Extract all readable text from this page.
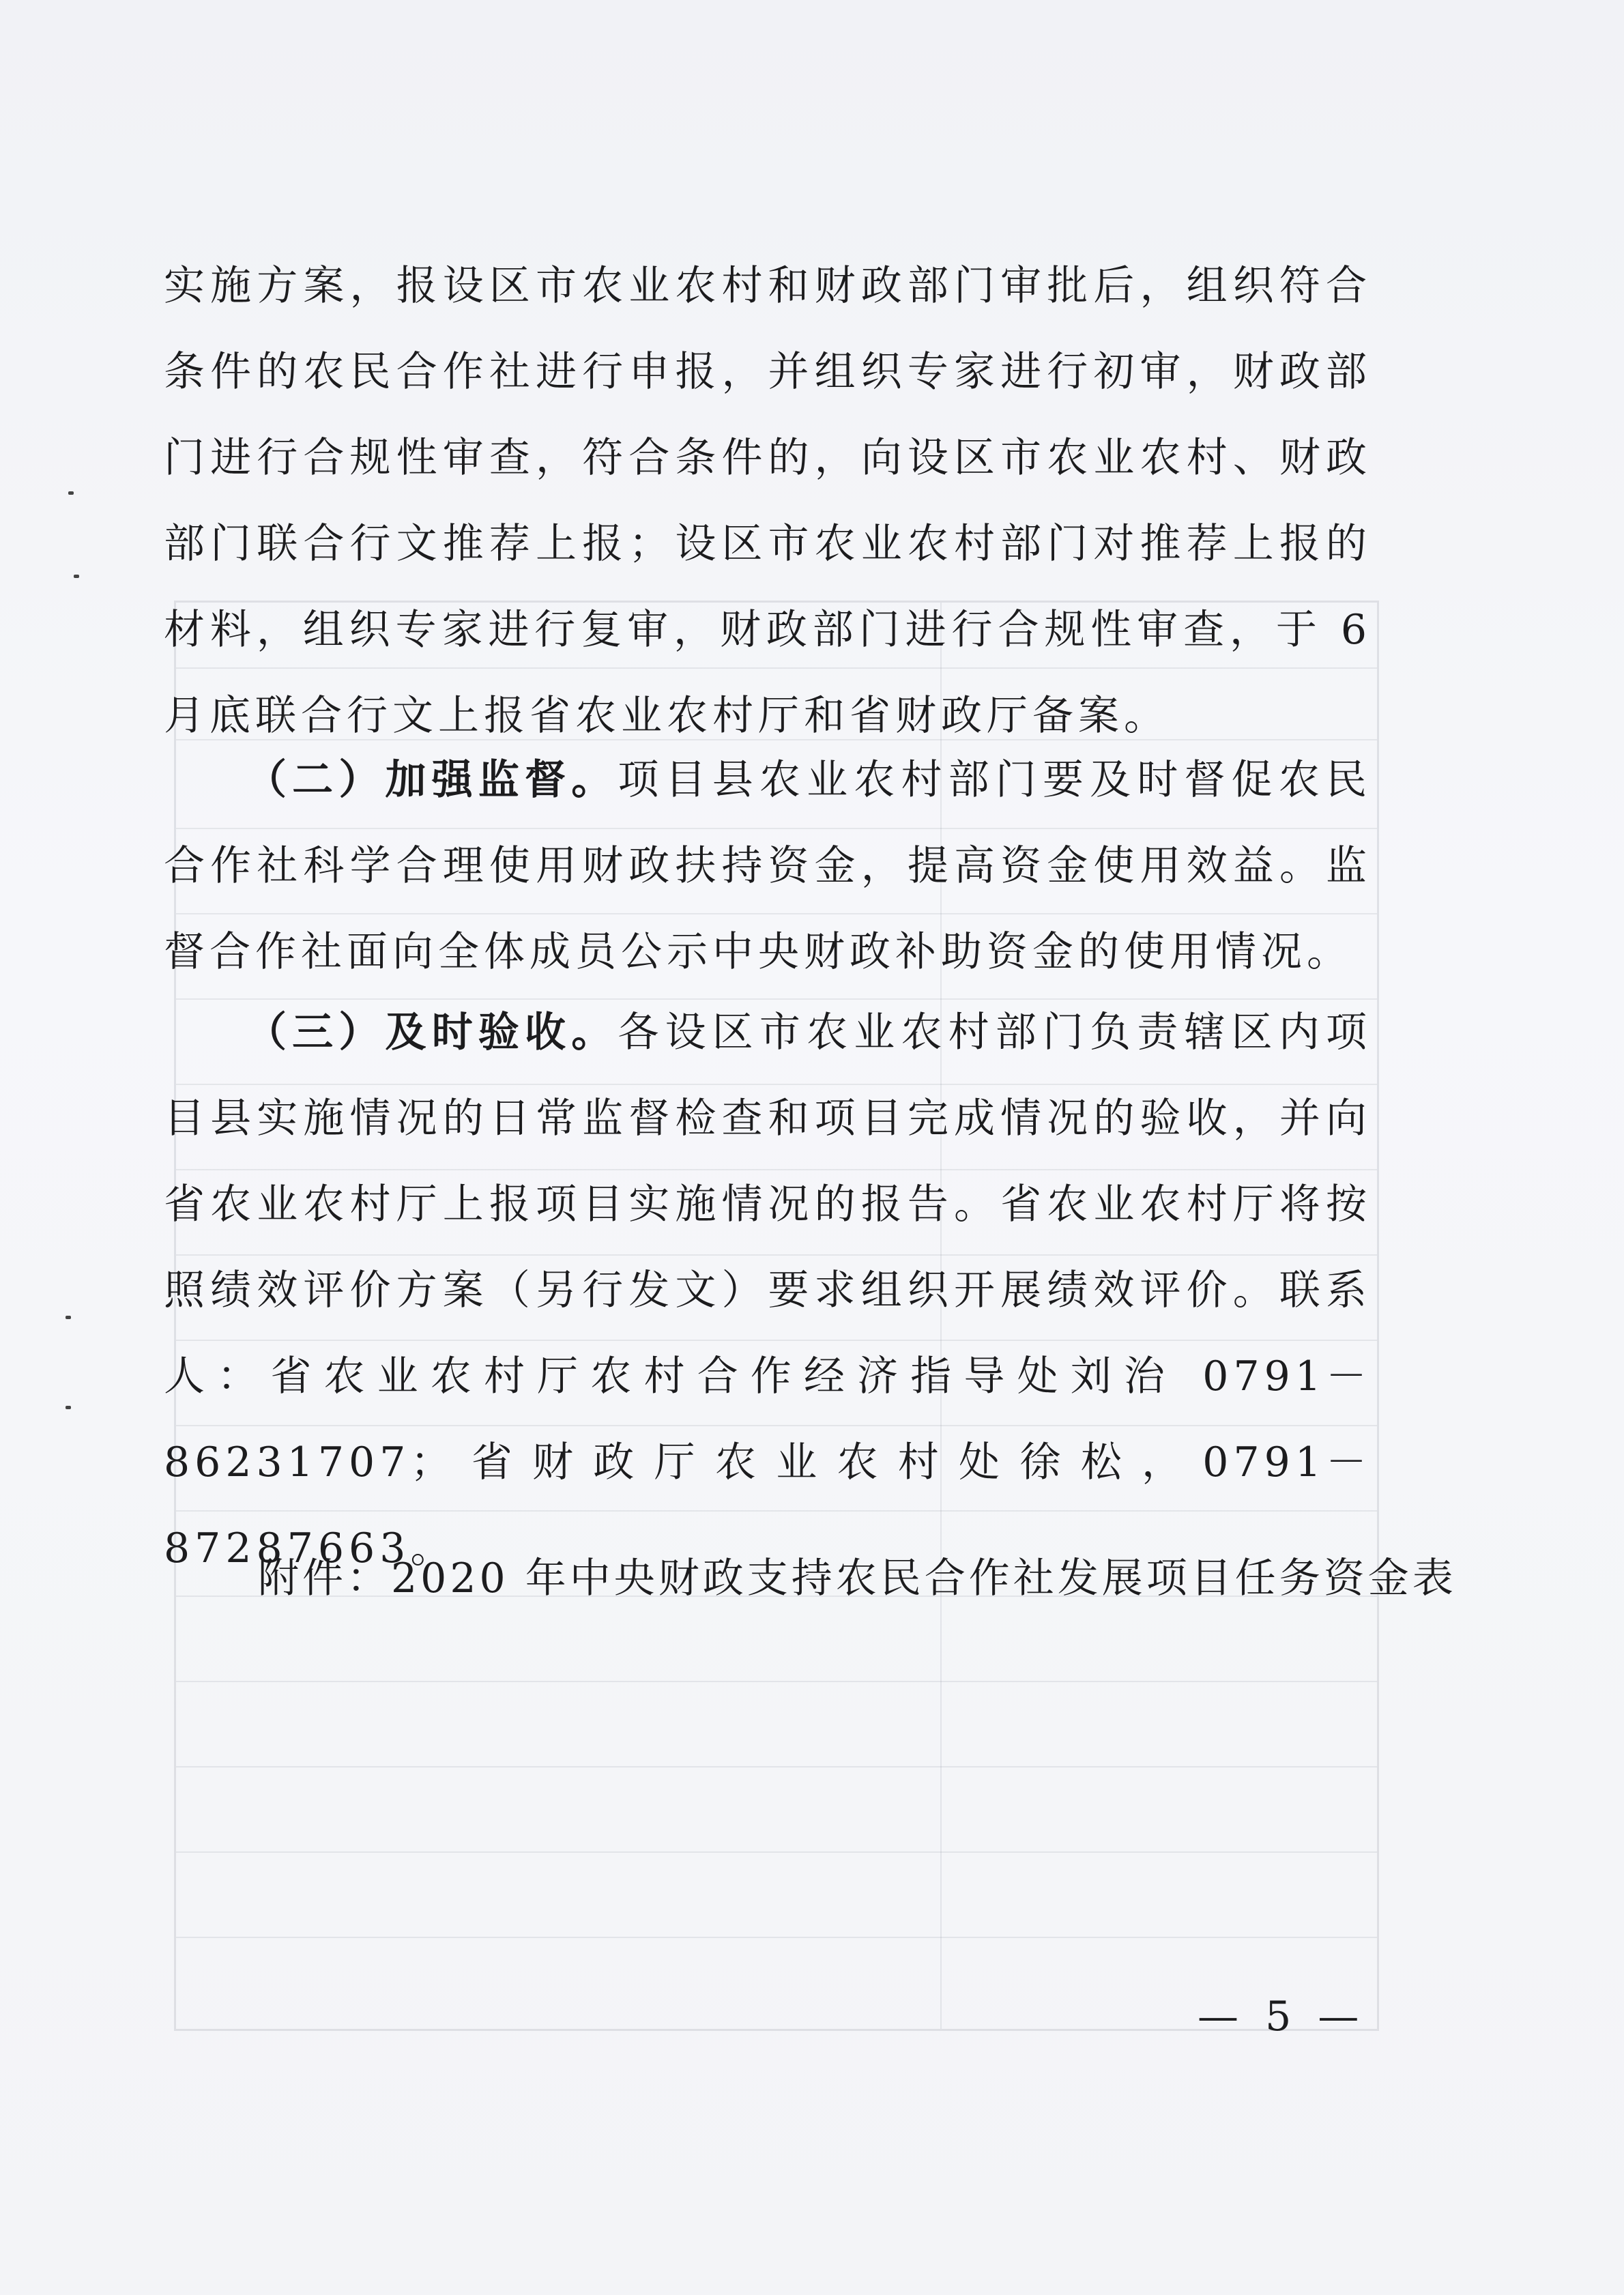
实施方案，报设区市农业农村和财政部门审批后，组织符合条件的农民合作社进行申报，并组织专家进行初审，财政部门进行合规性审查，符合条件的，向设区市农业农村、财政部门联合行文推荐上报；设区市农业农村部门对推荐上报的材料，组织专家进行复审，财政部门进行合规性审查，于 6 月底联合行文上报省农业农村厅和省财政厅备案。
（二）加强监督。项目县农业农村部门要及时督促农民合作社科学合理使用财政扶持资金，提高资金使用效益。监督合作社面向全体成员公示中央财政补助资金的使用情况。
（三）及时验收。各设区市农业农村部门负责辖区内项目县实施情况的日常监督检查和项目完成情况的验收，并向省农业农村厅上报项目实施情况的报告。省农业农村厅将按照绩效评价方案（另行发文）要求组织开展绩效评价。联系人：省农业农村厅农村合作经济指导处刘治 0791－86231707；省财政厅农业农村处徐松，0791－87287663。
附件：2020 年中央财政支持农民合作社发展项目任务资金表
— 5 —
